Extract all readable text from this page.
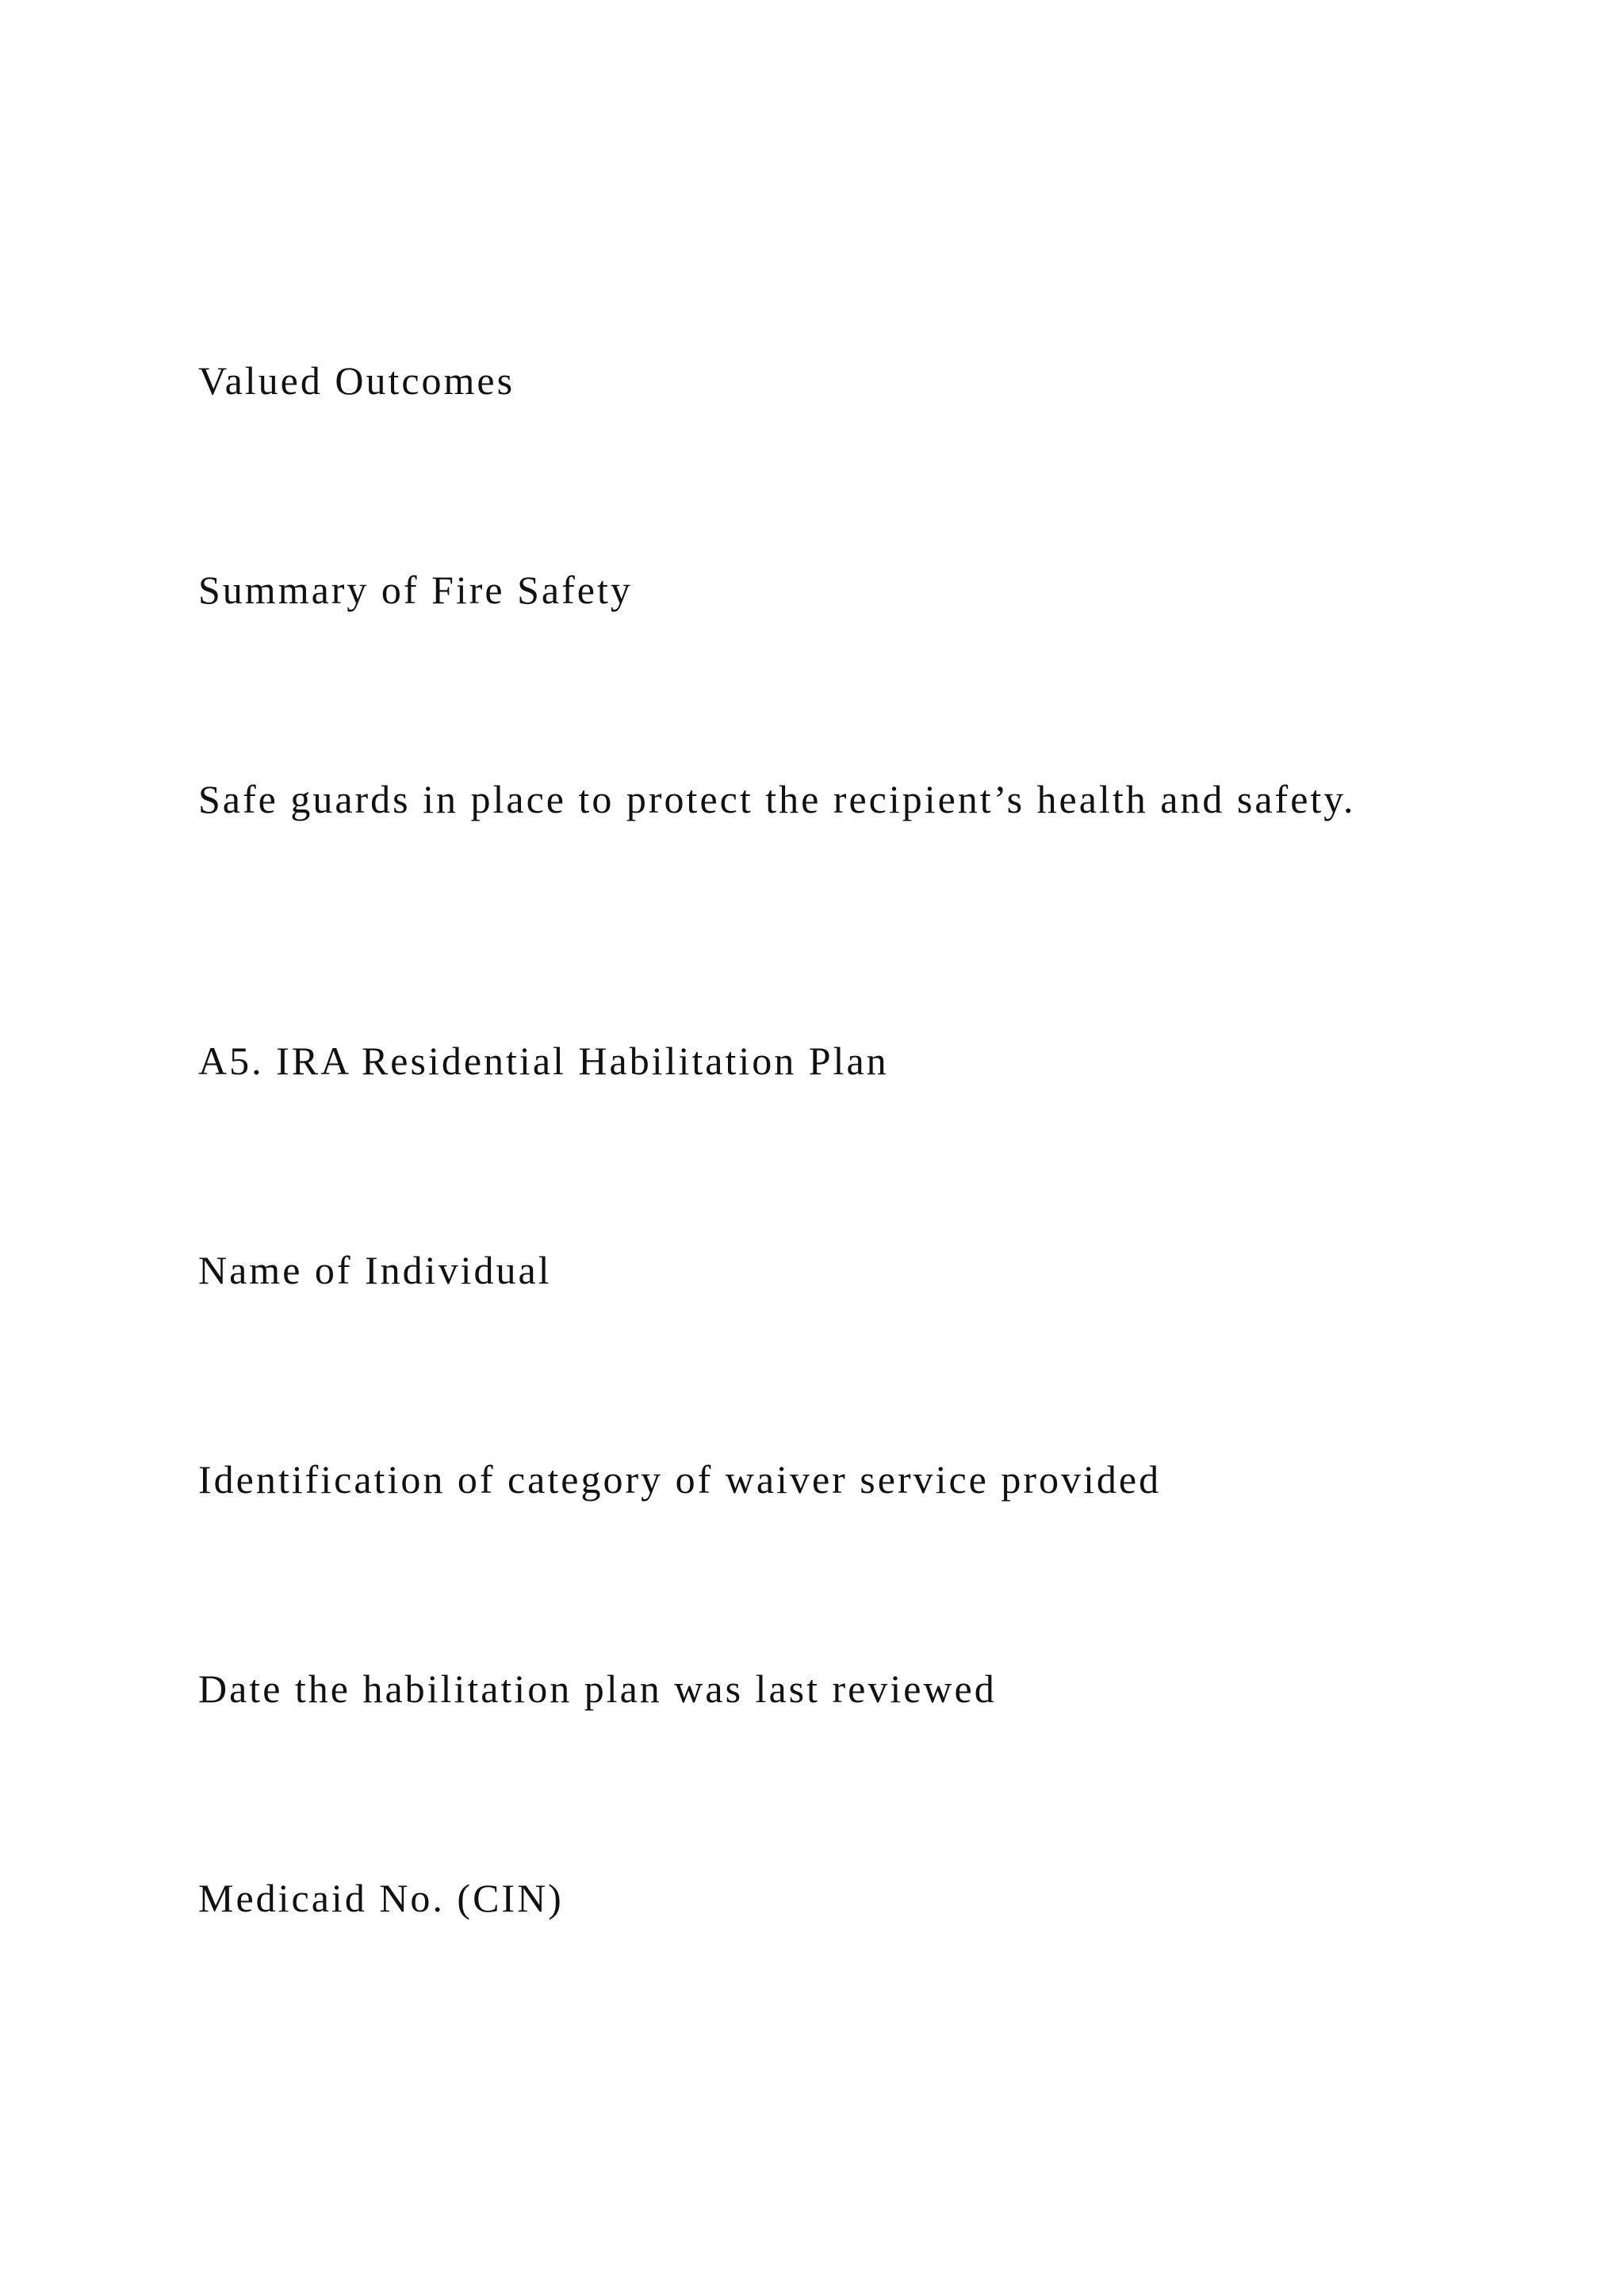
Valued Outcomes

Summary of Fire Safety

Safe guards in place to protect the recipient’s health and safety.

A5. IRA Residential Habilitation Plan

Name of Individual

Identification of category of waiver service provided

Date the habilitation plan was last reviewed

Medicaid No. (CIN)
